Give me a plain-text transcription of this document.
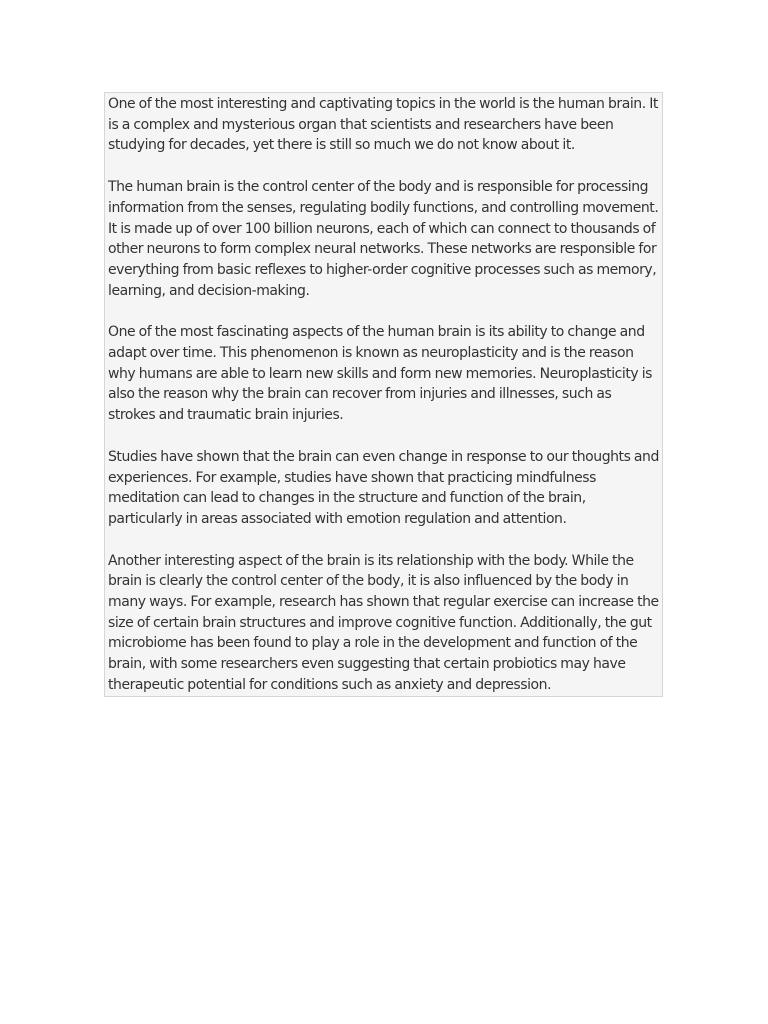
One of the most interesting and captivating topics in the world is the human brain. It is a complex and mysterious organ that scientists and researchers have been studying for decades, yet there is still so much we do not know about it.

The human brain is the control center of the body and is responsible for processing information from the senses, regulating bodily functions, and controlling movement. It is made up of over 100 billion neurons, each of which can connect to thousands of other neurons to form complex neural networks. These networks are responsible for everything from basic reflexes to higher-order cognitive processes such as memory, learning, and decision-making.

One of the most fascinating aspects of the human brain is its ability to change and adapt over time. This phenomenon is known as neuroplasticity and is the reason why humans are able to learn new skills and form new memories. Neuroplasticity is also the reason why the brain can recover from injuries and illnesses, such as strokes and traumatic brain injuries.

Studies have shown that the brain can even change in response to our thoughts and experiences. For example, studies have shown that practicing mindfulness meditation can lead to changes in the structure and function of the brain, particularly in areas associated with emotion regulation and attention.

Another interesting aspect of the brain is its relationship with the body. While the brain is clearly the control center of the body, it is also influenced by the body in many ways. For example, research has shown that regular exercise can increase the size of certain brain structures and improve cognitive function. Additionally, the gut microbiome has been found to play a role in the development and function of the brain, with some researchers even suggesting that certain probiotics may have therapeutic potential for conditions such as anxiety and depression.
